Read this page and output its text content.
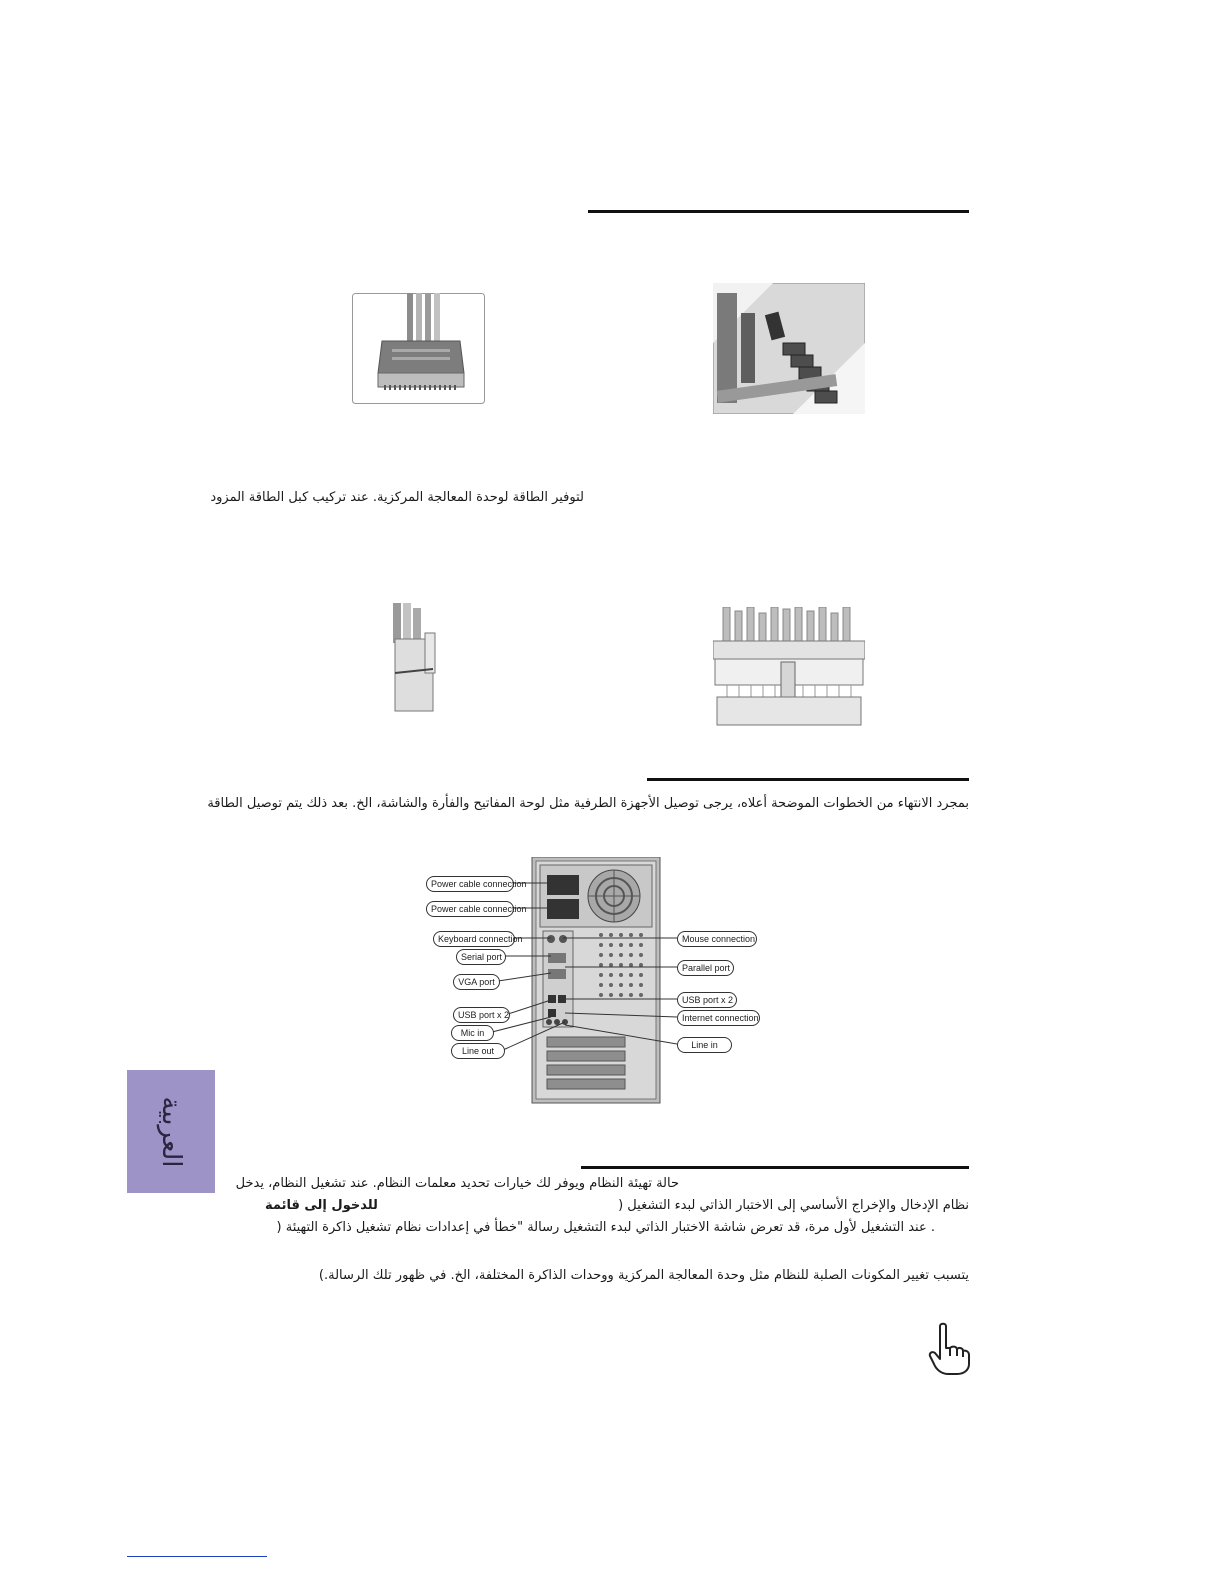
لتوفير الطاقة لوحدة المعالجة المركزية. عند تركيب كبل الطاقة المزود
بمجرد الانتهاء من الخطوات الموضحة أعلاه، يرجى توصيل الأجهزة الطرفية مثل لوحة المفاتيح والفأرة والشاشة، الخ. بعد ذلك يتم توصيل الطاقة
Power cable connection
Power cable connection
Keyboard connection
Serial port
VGA port
USB port x 2
Mic in
Line out
Mouse connection
Parallel port
USB port x 2
Internet connection
Line in
العربية
حالة تهيئة النظام ويوفر لك خيارات تحديد معلمات النظام. عند تشغيل النظام، يدخل
نظام الإدخال والإخراج الأساسي إلى الاختبار الذاتي لبدء التشغيل (
للدخول إلى قائمة
. عند التشغيل لأول مرة، قد تعرض شاشة الاختبار الذاتي لبدء التشغيل رسالة "خطأ في إعدادات نظام تشغيل ذاكرة التهيئة (
يتسبب تغيير المكونات الصلبة للنظام مثل وحدة المعالجة المركزية ووحدات الذاكرة المختلفة، الخ. في ظهور تلك الرسالة.)
